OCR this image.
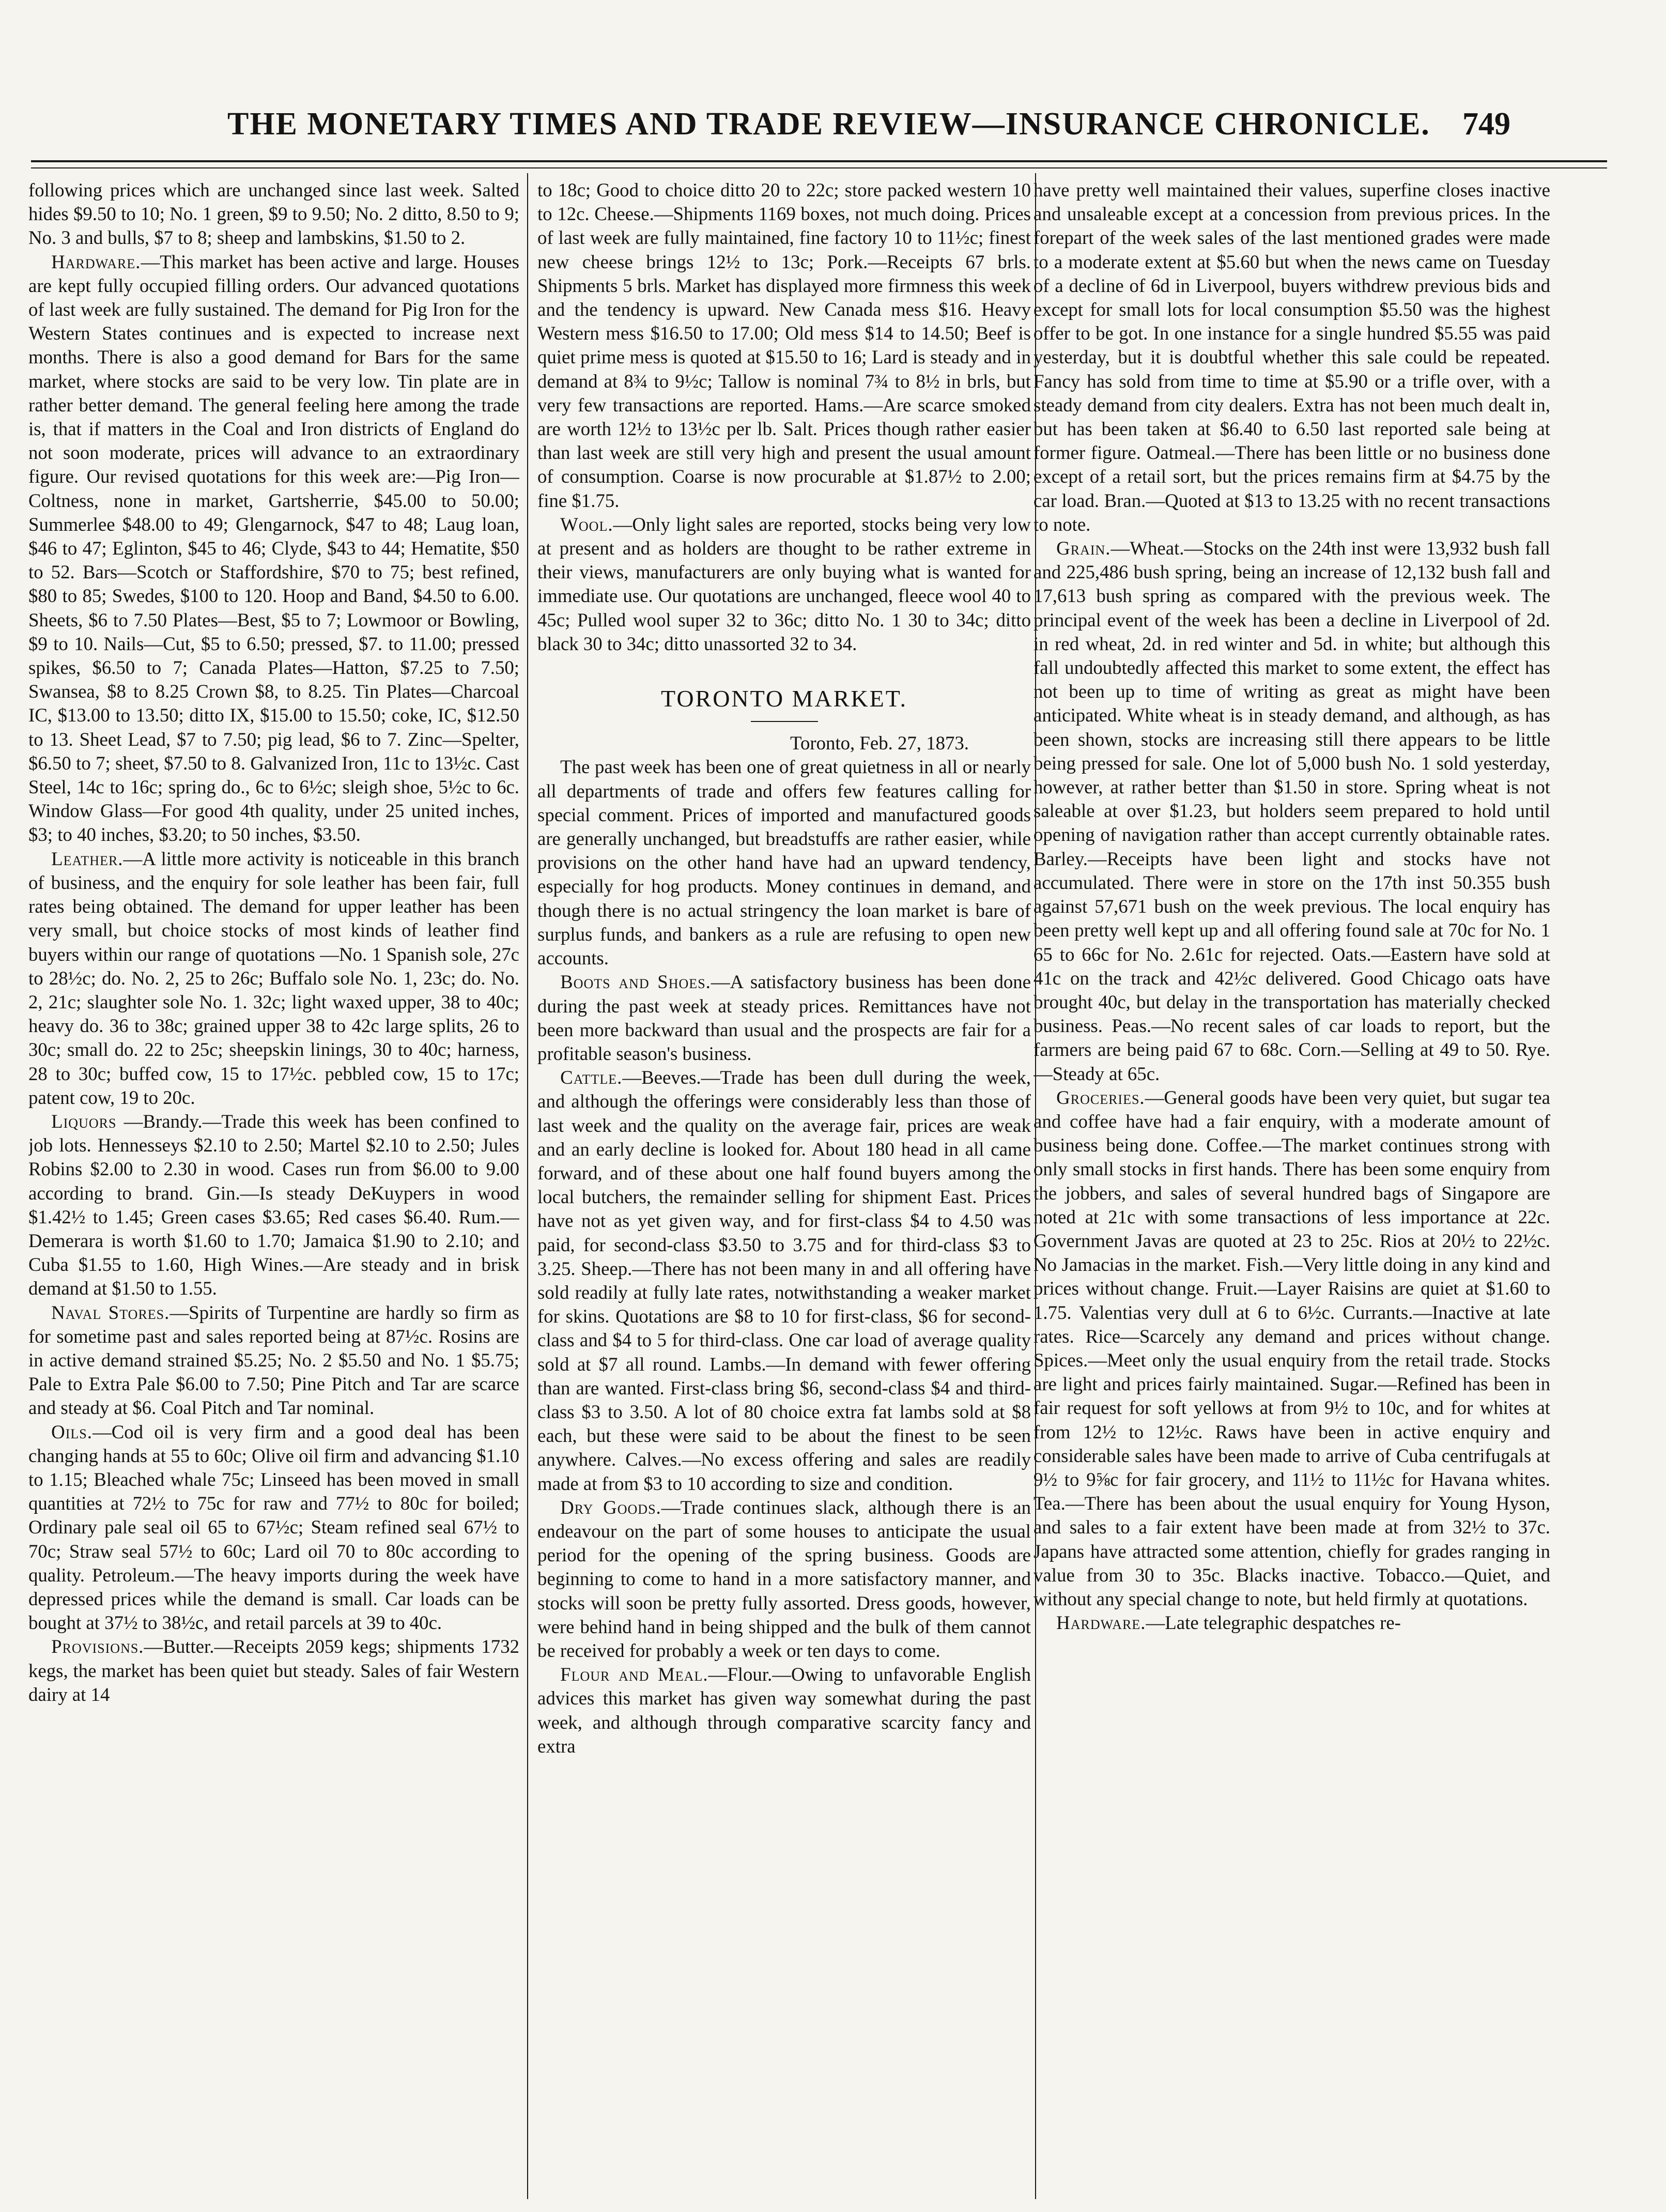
THE MONETARY TIMES AND TRADE REVIEW—INSURANCE CHRONICLE. 749

following prices which are unchanged since last week. Salted hides $9.50 to 10; No. 1 green, $9 to 9.50; No. 2 ditto, 8.50 to 9; No. 3 and bulls, $7 to 8; sheep and lambskins, $1.50 to 2.

Hardware.—This market has been active and large. Houses are kept fully occupied filling orders. Our advanced quotations of last week are fully sustained. The demand for Pig Iron for the Western States continues and is expected to increase next months. There is also a good demand for Bars for the same market, where stocks are said to be very low. Tin plate are in rather better demand. The general feeling here among the trade is, that if matters in the Coal and Iron districts of England do not soon moderate, prices will advance to an extraordinary figure. Our revised quotations for this week are:—Pig Iron—Coltness, none in market, Gartsherrie, $45.00 to 50.00; Summerlee $48.00 to 49; Glengarnock, $47 to 48; Laug loan, $46 to 47; Eglinton, $45 to 46; Clyde, $43 to 44; Hematite, $50 to 52. Bars—Scotch or Staffordshire, $70 to 75; best refined, $80 to 85; Swedes, $100 to 120. Hoop and Band, $4.50 to 6.00. Sheets, $6 to 7.50 Plates—Best, $5 to 7; Lowmoor or Bowling, $9 to 10. Nails—Cut, $5 to 6.50; pressed, $7. to 11.00; pressed spikes, $6.50 to 7; Canada Plates—Hatton, $7.25 to 7.50; Swansea, $8 to 8.25 Crown $8, to 8.25. Tin Plates—Charcoal IC, $13.00 to 13.50; ditto IX, $15.00 to 15.50; coke, IC, $12.50 to 13. Sheet Lead, $7 to 7.50; pig lead, $6 to 7. Zinc—Spelter, $6.50 to 7; sheet, $7.50 to 8. Galvanized Iron, 11c to 13½c. Cast Steel, 14c to 16c; spring do., 6c to 6½c; sleigh shoe, 5½c to 6c. Window Glass—For good 4th quality, under 25 united inches, $3; to 40 inches, $3.20; to 50 inches, $3.50.

Leather.—A little more activity is noticeable in this branch of business, and the enquiry for sole leather has been fair, full rates being obtained. The demand for upper leather has been very small, but choice stocks of most kinds of leather find buyers within our range of quotations —No. 1 Spanish sole, 27c to 28½c; do. No. 2, 25 to 26c; Buffalo sole No. 1, 23c; do. No. 2, 21c; slaughter sole No. 1. 32c; light waxed upper, 38 to 40c; heavy do. 36 to 38c; grained upper 38 to 42c large splits, 26 to 30c; small do. 22 to 25c; sheepskin linings, 30 to 40c; harness, 28 to 30c; buffed cow, 15 to 17½c. pebbled cow, 15 to 17c; patent cow, 19 to 20c.

Liquors —Brandy.—Trade this week has been confined to job lots. Hennesseys $2.10 to 2.50; Martel $2.10 to 2.50; Jules Robins $2.00 to 2.30 in wood. Cases run from $6.00 to 9.00 according to brand. Gin.—Is steady DeKuypers in wood $1.42½ to 1.45; Green cases $3.65; Red cases $6.40. Rum.—Demerara is worth $1.60 to 1.70; Jamaica $1.90 to 2.10; and Cuba $1.55 to 1.60, High Wines.—Are steady and in brisk demand at $1.50 to 1.55.

Naval Stores.—Spirits of Turpentine are hardly so firm as for sometime past and sales reported being at 87½c. Rosins are in active demand strained $5.25; No. 2 $5.50 and No. 1 $5.75; Pale to Extra Pale $6.00 to 7.50; Pine Pitch and Tar are scarce and steady at $6. Coal Pitch and Tar nominal.

Oils.—Cod oil is very firm and a good deal has been changing hands at 55 to 60c; Olive oil firm and advancing $1.10 to 1.15; Bleached whale 75c; Linseed has been moved in small quantities at 72½ to 75c for raw and 77½ to 80c for boiled; Ordinary pale seal oil 65 to 67½c; Steam refined seal 67½ to 70c; Straw seal 57½ to 60c; Lard oil 70 to 80c according to quality. Petroleum.—The heavy imports during the week have depressed prices while the demand is small. Car loads can be bought at 37½ to 38½c, and retail parcels at 39 to 40c.

Provisions.—Butter.—Receipts 2059 kegs; shipments 1732 kegs, the market has been quiet but steady. Sales of fair Western dairy at 14

to 18c; Good to choice ditto 20 to 22c; store packed western 10 to 12c. Cheese.—Shipments 1169 boxes, not much doing. Prices of last week are fully maintained, fine factory 10 to 11½c; finest new cheese brings 12½ to 13c; Pork.—Receipts 67 brls. Shipments 5 brls. Market has displayed more firmness this week and the tendency is upward. New Canada mess $16. Heavy Western mess $16.50 to 17.00; Old mess $14 to 14.50; Beef is quiet prime mess is quoted at $15.50 to 16; Lard is steady and in demand at 8¾ to 9½c; Tallow is nominal 7¾ to 8½ in brls, but very few transactions are reported. Hams.—Are scarce smoked are worth 12½ to 13½c per lb. Salt. Prices though rather easier than last week are still very high and present the usual amount of consumption. Coarse is now procurable at $1.87½ to 2.00; fine $1.75.

Wool.—Only light sales are reported, stocks being very low at present and as holders are thought to be rather extreme in their views, manufacturers are only buying what is wanted for immediate use. Our quotations are unchanged, fleece wool 40 to 45c; Pulled wool super 32 to 36c; ditto No. 1 30 to 34c; ditto black 30 to 34c; ditto unassorted 32 to 34.

TORONTO MARKET.
Toronto, Feb. 27, 1873.

The past week has been one of great quietness in all or nearly all departments of trade and offers few features calling for special comment. Prices of imported and manufactured goods are generally unchanged, but breadstuffs are rather easier, while provisions on the other hand have had an upward tendency, especially for hog products. Money continues in demand, and though there is no actual stringency the loan market is bare of surplus funds, and bankers as a rule are refusing to open new accounts.

Boots and Shoes.—A satisfactory business has been done during the past week at steady prices. Remittances have not been more backward than usual and the prospects are fair for a profitable season's business.

Cattle.—Beeves.—Trade has been dull during the week, and although the offerings were considerably less than those of last week and the quality on the average fair, prices are weak and an early decline is looked for. About 180 head in all came forward, and of these about one half found buyers among the local butchers, the remainder selling for shipment East. Prices have not as yet given way, and for first-class $4 to 4.50 was paid, for second-class $3.50 to 3.75 and for third-class $3 to 3.25. Sheep.—There has not been many in and all offering have sold readily at fully late rates, notwithstanding a weaker market for skins. Quotations are $8 to 10 for first-class, $6 for second-class and $4 to 5 for third-class. One car load of average quality sold at $7 all round. Lambs.—In demand with fewer offering than are wanted. First-class bring $6, second-class $4 and third-class $3 to 3.50. A lot of 80 choice extra fat lambs sold at $8 each, but these were said to be about the finest to be seen anywhere. Calves.—No excess offering and sales are readily made at from $3 to 10 according to size and condition.

Dry Goods.—Trade continues slack, although there is an endeavour on the part of some houses to anticipate the usual period for the opening of the spring business. Goods are beginning to come to hand in a more satisfactory manner, and stocks will soon be pretty fully assorted. Dress goods, however, were behind hand in being shipped and the bulk of them cannot be received for probably a week or ten days to come.

Flour and Meal.—Flour.—Owing to unfavorable English advices this market has given way somewhat during the past week, and although through comparative scarcity fancy and extra

have pretty well maintained their values, superfine closes inactive and unsaleable except at a concession from previous prices. In the forepart of the week sales of the last mentioned grades were made to a moderate extent at $5.60 but when the news came on Tuesday of a decline of 6d in Liverpool, buyers withdrew previous bids and except for small lots for local consumption $5.50 was the highest offer to be got. In one instance for a single hundred $5.55 was paid yesterday, but it is doubtful whether this sale could be repeated. Fancy has sold from time to time at $5.90 or a trifle over, with a steady demand from city dealers. Extra has not been much dealt in, but has been taken at $6.40 to 6.50 last reported sale being at former figure. Oatmeal.—There has been little or no business done except of a retail sort, but the prices remains firm at $4.75 by the car load. Bran.—Quoted at $13 to 13.25 with no recent transactions to note.

Grain.—Wheat.—Stocks on the 24th inst were 13,932 bush fall and 225,486 bush spring, being an increase of 12,132 bush fall and 17,613 bush spring as compared with the previous week. The principal event of the week has been a decline in Liverpool of 2d. in red wheat, 2d. in red winter and 5d. in white; but although this fall undoubtedly affected this market to some extent, the effect has not been up to time of writing as great as might have been anticipated. White wheat is in steady demand, and although, as has been shown, stocks are increasing still there appears to be little being pressed for sale. One lot of 5,000 bush No. 1 sold yesterday, however, at rather better than $1.50 in store. Spring wheat is not saleable at over $1.23, but holders seem prepared to hold until opening of navigation rather than accept currently obtainable rates. Barley.—Receipts have been light and stocks have not accumulated. There were in store on the 17th inst 50.355 bush against 57,671 bush on the week previous. The local enquiry has been pretty well kept up and all offering found sale at 70c for No. 1 65 to 66c for No. 2.61c for rejected. Oats.—Eastern have sold at 41c on the track and 42½c delivered. Good Chicago oats have brought 40c, but delay in the transportation has materially checked business. Peas.—No recent sales of car loads to report, but the farmers are being paid 67 to 68c. Corn.—Selling at 49 to 50. Rye.—Steady at 65c.

Groceries.—General goods have been very quiet, but sugar tea and coffee have had a fair enquiry, with a moderate amount of business being done. Coffee.—The market continues strong with only small stocks in first hands. There has been some enquiry from the jobbers, and sales of several hundred bags of Singapore are noted at 21c with some transactions of less importance at 22c. Government Javas are quoted at 23 to 25c. Rios at 20½ to 22½c. No Jamacias in the market. Fish.—Very little doing in any kind and prices without change. Fruit.—Layer Raisins are quiet at $1.60 to 1.75. Valentias very dull at 6 to 6½c. Currants.—Inactive at late rates. Rice—Scarcely any demand and prices without change. Spices.—Meet only the usual enquiry from the retail trade. Stocks are light and prices fairly maintained. Sugar.—Refined has been in fair request for soft yellows at from 9½ to 10c, and for whites at from 12½ to 12½c. Raws have been in active enquiry and considerable sales have been made to arrive of Cuba centrifugals at 9½ to 9⅝c for fair grocery, and 11½ to 11½c for Havana whites. Tea.—There has been about the usual enquiry for Young Hyson, and sales to a fair extent have been made at from 32½ to 37c. Japans have attracted some attention, chiefly for grades ranging in value from 30 to 35c. Blacks inactive. Tobacco.—Quiet, and without any special change to note, but held firmly at quotations.

Hardware.—Late telegraphic despatches re-
